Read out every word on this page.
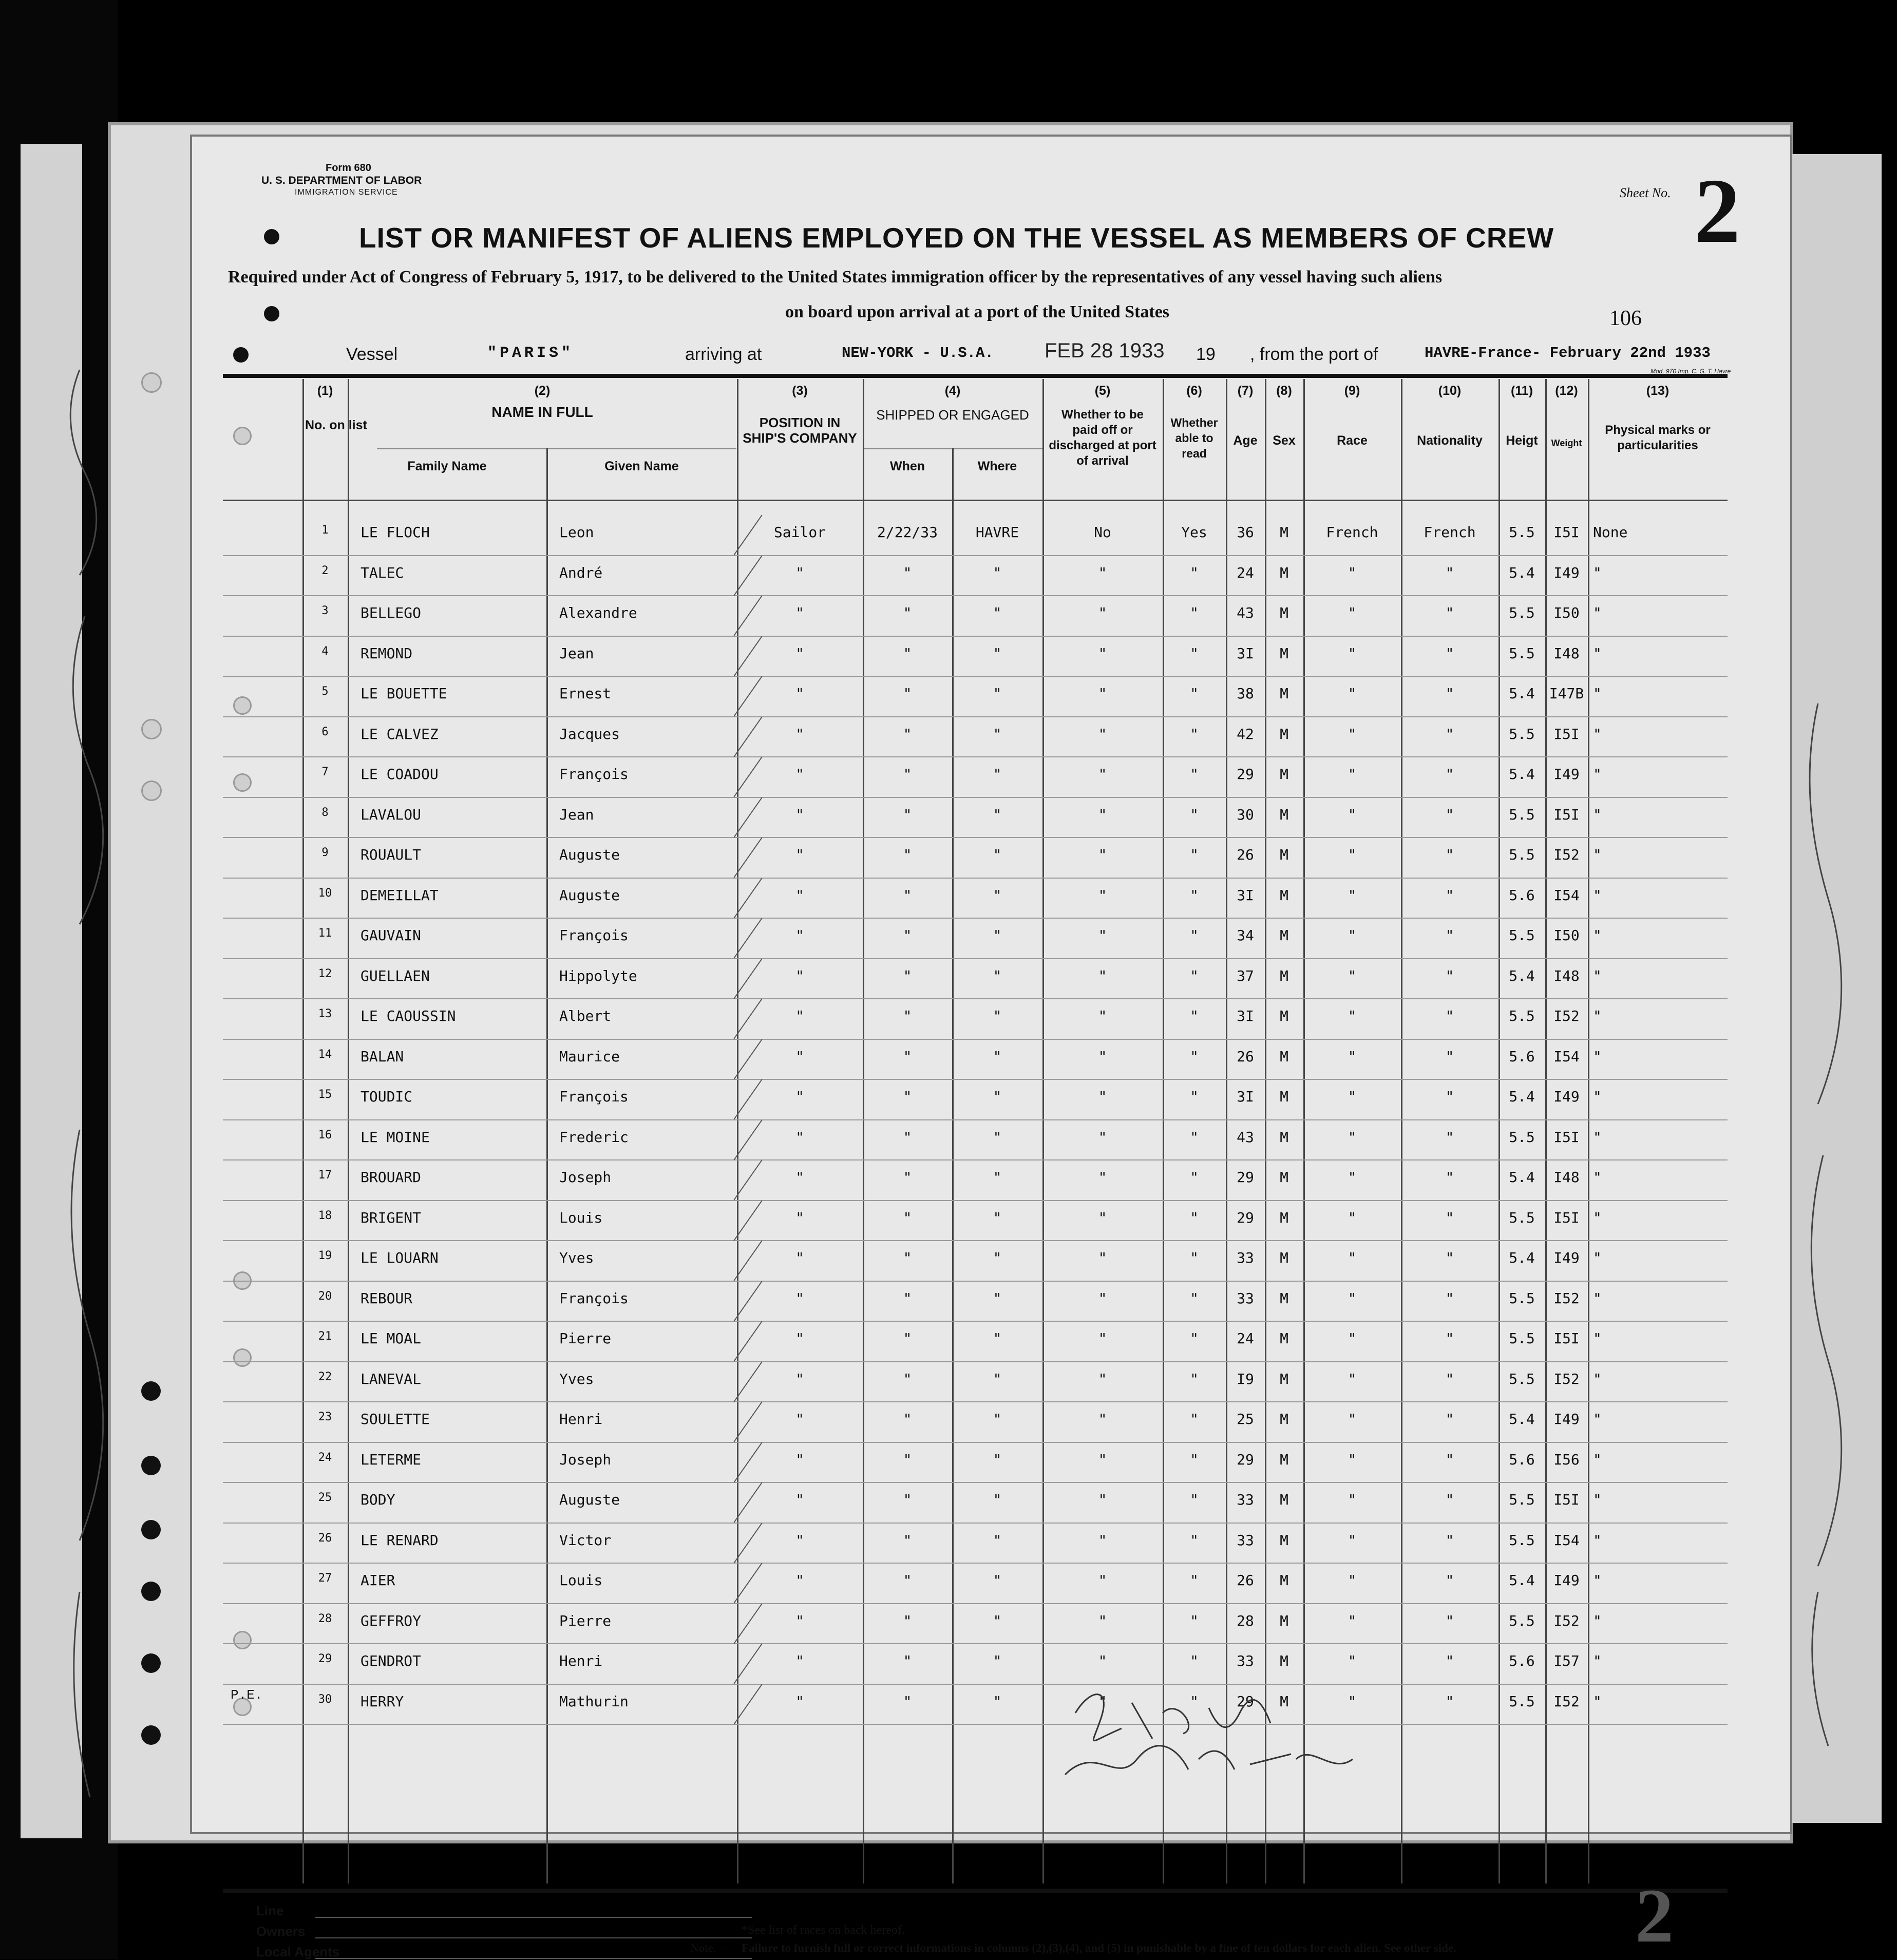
Form 680
U. S. DEPARTMENT OF LABOR
IMMIGRATION SERVICE	Sheet No. 2
LIST OR MANIFEST OF ALIENS EMPLOYED ON THE VESSEL AS MEMBERS OF CREW
Required under Act of Congress of February 5, 1917, to be delivered to the United States immigration officer by the representatives of any vessel having such aliens
on board upon arrival at a port of the United States	106
Vessel	"PARIS"	arriving at	NEW-YORK - U.S.A. FEB 28 1933 19 , from the port of	HAVRE-France- February 22nd 1933
Mod. 970 Imp. C. G. T. Havre
(1)
No. on list
(2)
NAME IN FULL
Family Name	Given Name
(3)
POSITION IN SHIP'S COMPANY
(4)
SHIPPED OR ENGAGED
When	Where
(5)
Whether to be paid off or discharged at port of arrival
(6)
Whether able to read
(7)
Age
(8)
Sex
(9)
Race
(10)
Nationality
(11)
Heigt
(12)
Weight
(13)
Physical marks or particularities
1	LE FLOCH	Leon	Sailor	2/22/33	HAVRE	No	Yes	36	M	French	French	5.5	I5I None
2	TALEC	André	"	"	"	"	"	24	M	"	"	5.4	I49 "
3	BELLEGO	Alexandre	"	"	"	"	"	43	M	"	"	5.5	I50 "
4	REMOND	Jean	"	"	"	"	"	3I	M	"	"	5.5	I48 "
5	LE BOUETTE	Ernest	"	"	"	"	"	38	M	"	"	5.4	I47B "
6	LE CALVEZ	Jacques	"	"	"	"	"	42	M	"	"	5.5	I5I "
7	LE COADOU	François	"	"	"	"	"	29	M	"	"	5.4	I49 "
8	LAVALOU	Jean	"	"	"	"	"	30	M	"	"	5.5	I5I "
9	ROUAULT	Auguste	"	"	"	"	"	26	M	"	"	5.5	I52 "
10	DEMEILLAT	Auguste	"	"	"	"	"	3I	M	"	"	5.6	I54 "
11	GAUVAIN	François	"	"	"	"	"	34	M	"	"	5.5	I50 "
12	GUELLAEN	Hippolyte	"	"	"	"	"	37	M	"	"	5.4	I48 "
13	LE CAOUSSIN	Albert	"	"	"	"	"	3I	M	"	"	5.5	I52 "
14	BALAN	Maurice	"	"	"	"	"	26	M	"	"	5.6	I54 "
15	TOUDIC	François	"	"	"	"	"	3I	M	"	"	5.4	I49 "
16	LE MOINE	Frederic	"	"	"	"	"	43	M	"	"	5.5	I5I "
17	BROUARD	Joseph	"	"	"	"	"	29	M	"	"	5.4	I48 "
18	BRIGENT	Louis	"	"	"	"	"	29	M	"	"	5.5	I5I "
19	LE LOUARN	Yves	"	"	"	"	"	33	M	"	"	5.4	I49 "
20	REBOUR	François	"	"	"	"	"	33	M	"	"	5.5	I52 "
21	LE MOAL	Pierre	"	"	"	"	"	24	M	"	"	5.5	I5I "
22	LANEVAL	Yves	"	"	"	"	"	I9	M	"	"	5.5	I52 "
23	SOULETTE	Henri	"	"	"	"	"	25	M	"	"	5.4	I49 "
24	LETERME	Joseph	"	"	"	"	"	29	M	"	"	5.6	I56 "
25	BODY	Auguste	"	"	"	"	"	33	M	"	"	5.5	I5I "
26	LE RENARD	Victor	"	"	"	"	"	33	M	"	"	5.5	I54 "
27	AIER	Louis	"	"	"	"	"	26	M	"	"	5.4	I49 "
28	GEFFROY	Pierre	"	"	"	"	"	28	M	"	"	5.5	I52 "
29	GENDROT	Henri	"	"	"	"	"	33	M	"	"	5.6	I57 "
30	HERRY	Mathurin	"	"	"	"	"	29	M	"	"	5.5	I52 "
P.E.
Line
Owners
Local Agents
*See list of races on back hereof.
Note. — Failure to furnish full or correct informations in columns (2),(3),(4), and (5) in punishable by a fine of ten dollars for each alien. See other side. 2
